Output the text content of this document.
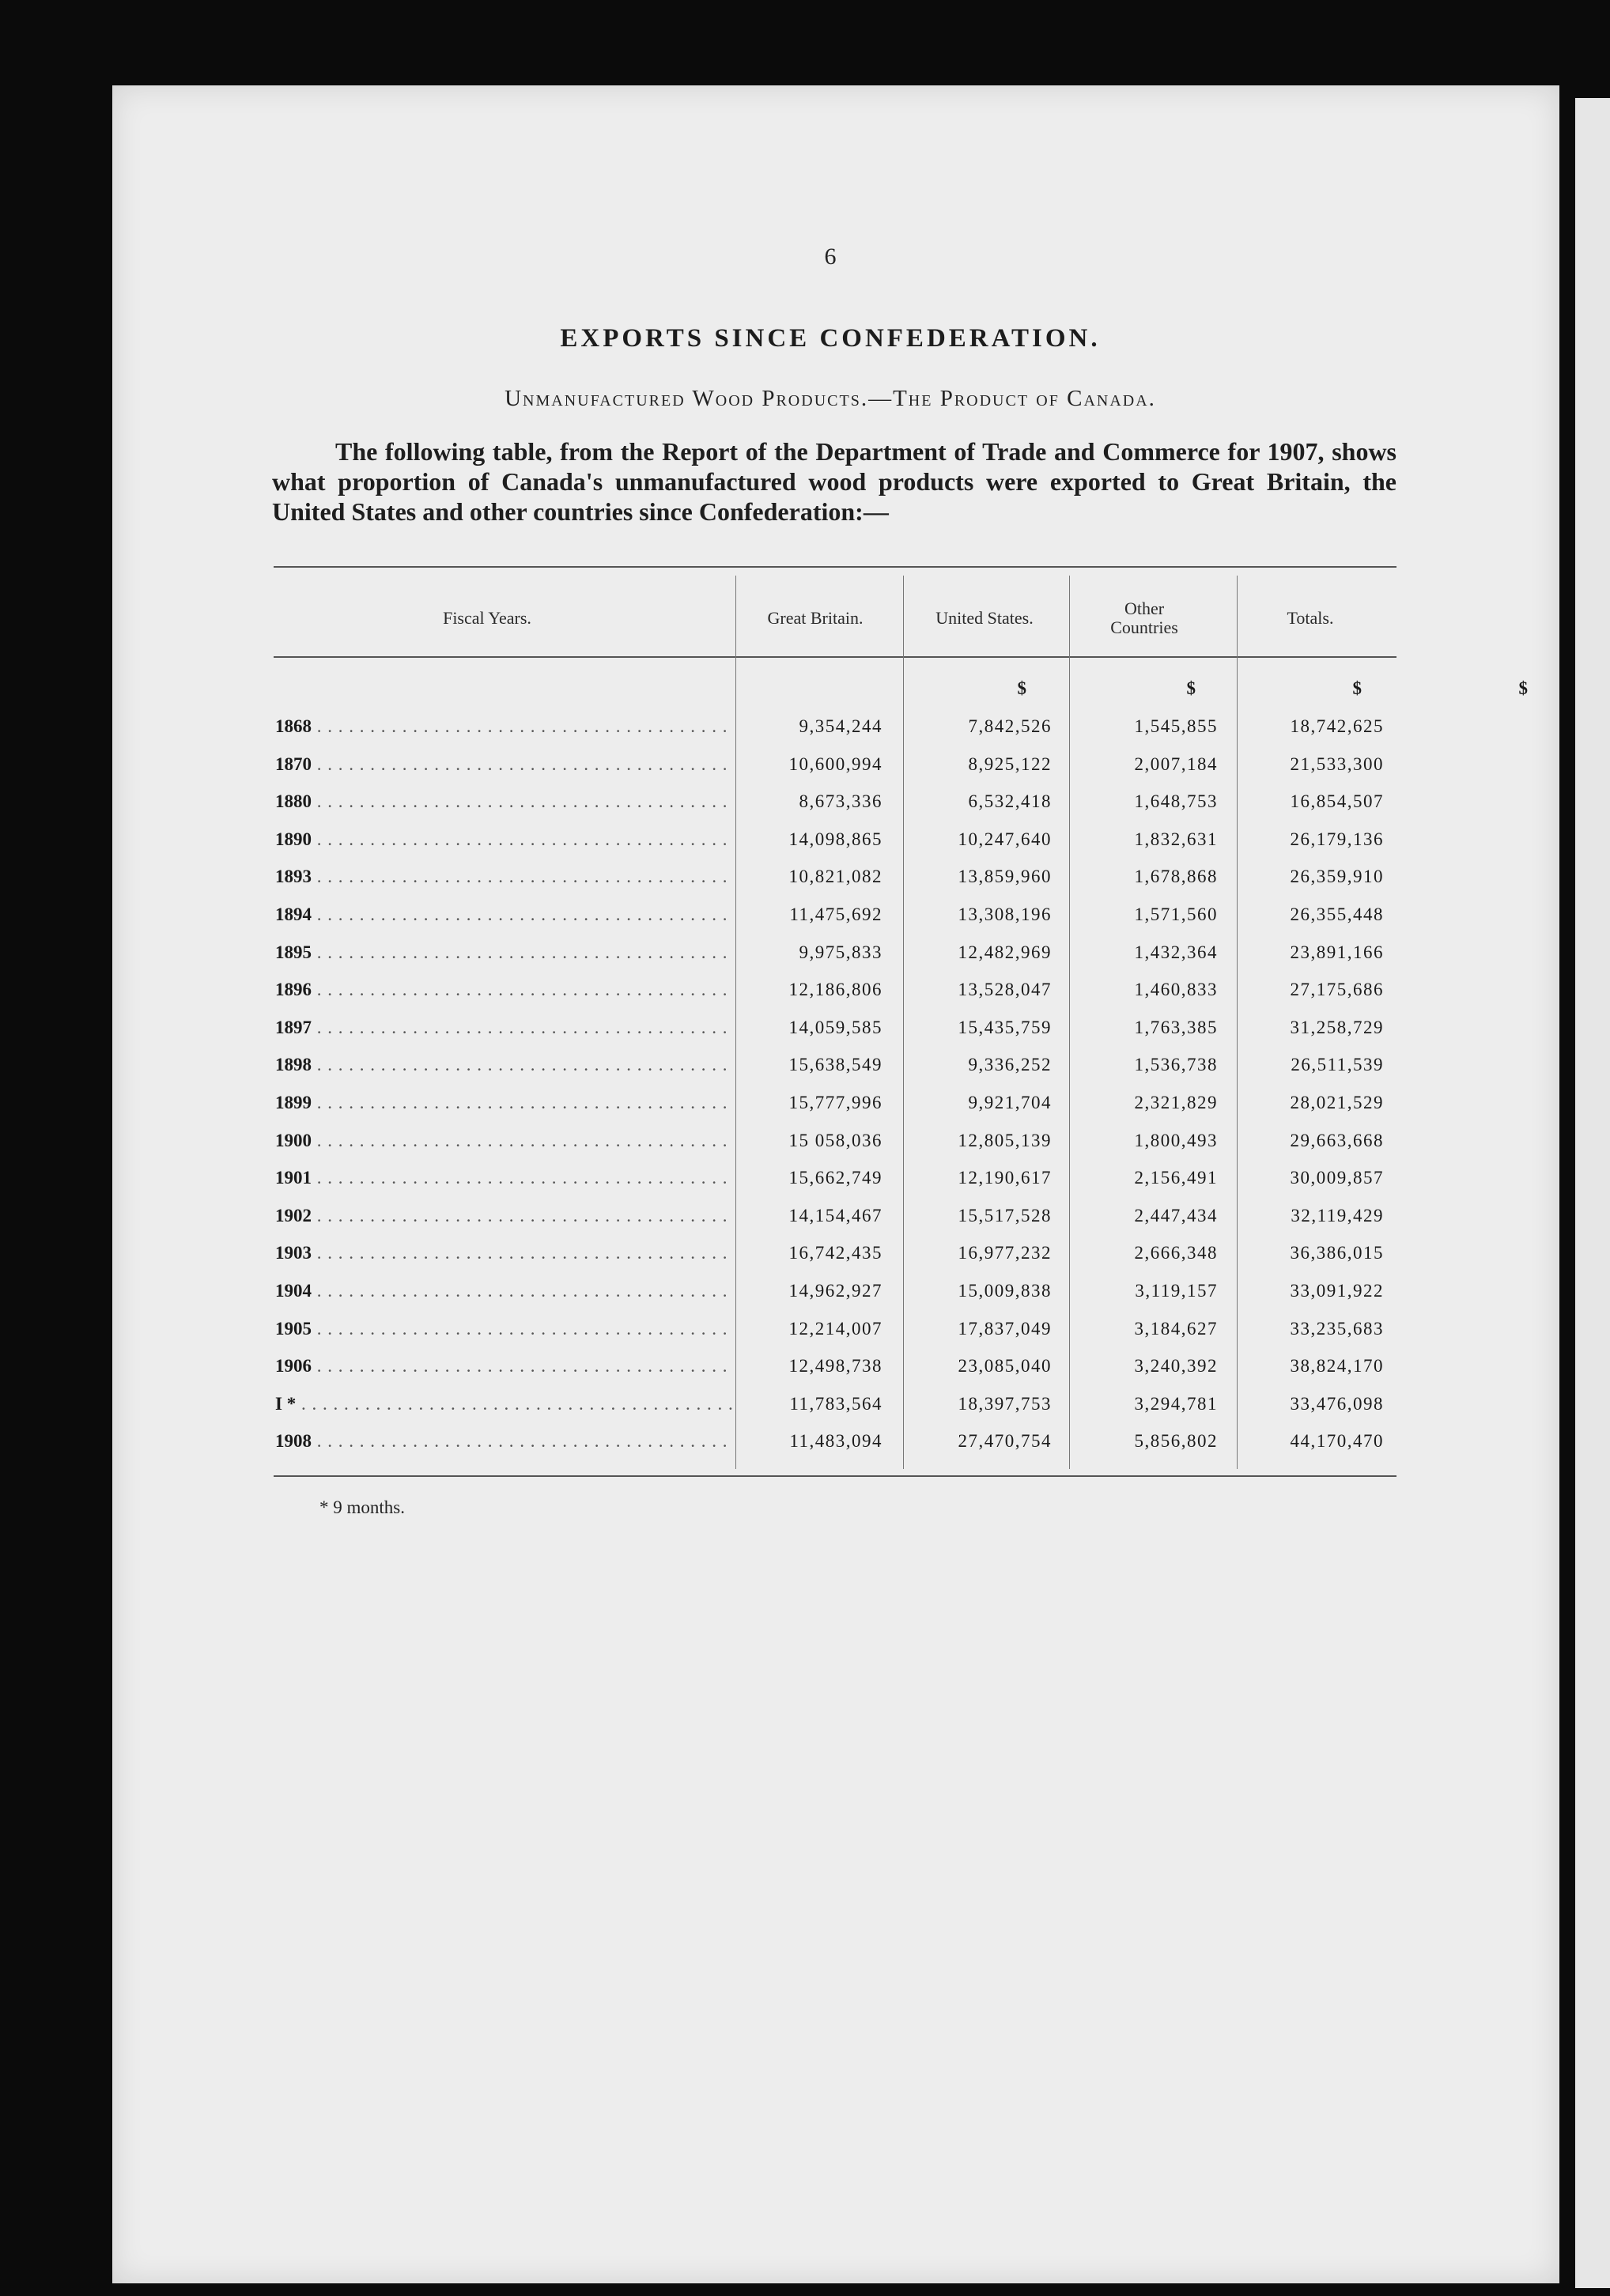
6
EXPORTS SINCE CONFEDERATION.
Unmanufactured Wood Products.—The Product of Canada.
The following table, from the Report of the Department of Trade and Commerce for 1907, shows what proportion of Canada's unmanufactured wood products were exported to Great Britain, the United States and other countries since Confederation:—
Fiscal Years.	Great Britain.	United States.	Other Countries	Totals.
$	$	$	$
1868 . . .	9,354,244	7,842,526	1,545,855	18,742,625
1870 . . .	10,600,994	8,925,122	2,007,184	21,533,300
1880 . . .	8,673,336	6,532,418	1,648,753	16,854,507
1890 . . .	14,098,865	10,247,640	1,832,631	26,179,136
1893 . . .	10,821,082	13,859,960	1,678,868	26,359,910
1894 . . .	11,475,692	13,308,196	1,571,560	26,355,448
1895 . . .	9,975,833	12,482,969	1,432,364	23,891,166
1896 . . .	12,186,806	13,528,047	1,460,833	27,175,686
1897 . . .	14,059,585	15,435,759	1,763,385	31,258,729
1898 . . .	15,638,549	9,336,252	1,536,738	26,511,539
1899 . . .	15,777,996	9,921,704	2,321,829	28,021,529
1900 . . .	15 058,036	12,805,139	1,800,493	29,663,668
1901 . . .	15,662,749	12,190,617	2,156,491	30,009,857
1902 . . .	14,154,467	15,517,528	2,447,434	32,119,429
1903 . . .	16,742,435	16,977,232	2,666,348	36,386,015
1904 . . .	14,962,927	15,009,838	3,119,157	33,091,922
1905 . . .	12,214,007	17,837,049	3,184,627	33,235,683
1906 . . .	12,498,738	23,085,040	3,240,392	38,824,170
I * . . .	11,783,564	18,397,753	3,294,781	33,476,098
1908 . . .	11,483,094	27,470,754	5,856,802	44,170,470
* 9 months.
